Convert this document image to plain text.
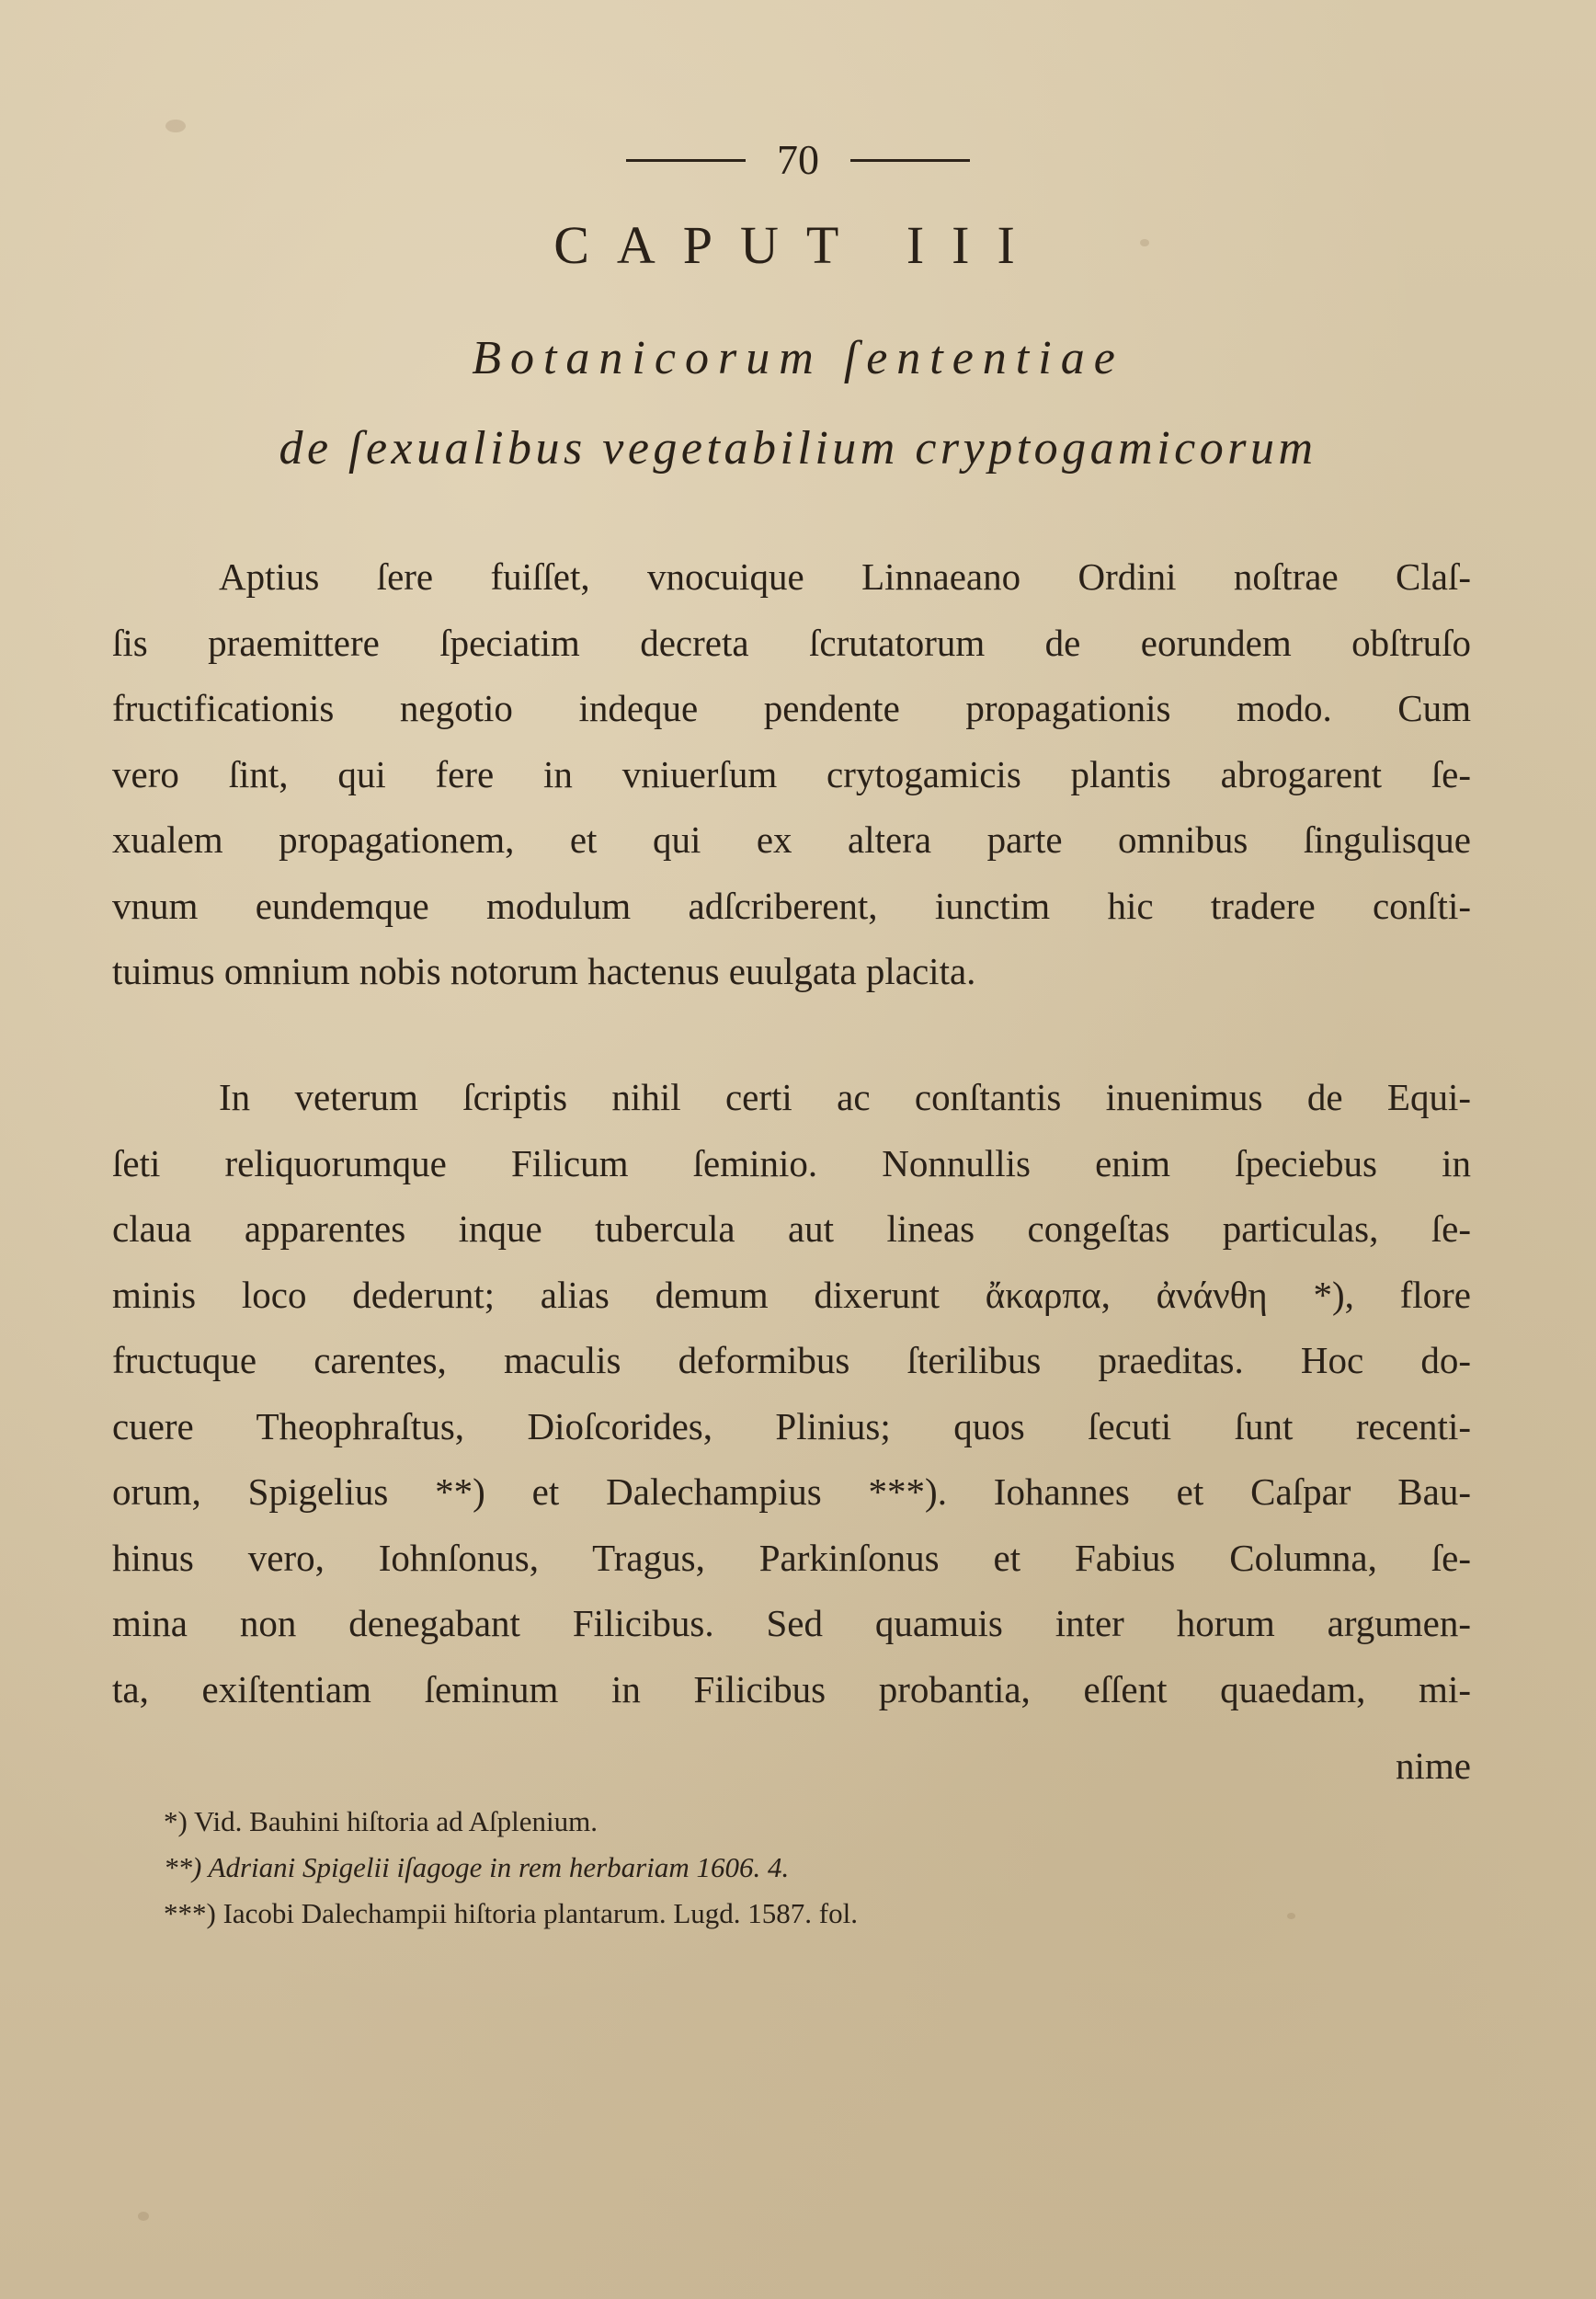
70
CAPUT III
Botanicorum ſententiae
de ſexualibus vegetabilium cryptogamicorum
Aptius ſere fuiſſet, vnocuique Linnaeano Ordini noſtrae Claſ-
ſis praemittere ſpeciatim decreta ſcrutatorum de eorundem obſtruſo
fructificationis negotio indeque pendente propagationis modo. Cum
vero ſint, qui fere in vniuerſum crytogamicis plantis abrogarent ſe-
xualem propagationem, et qui ex altera parte omnibus ſingulisque
vnum eundemque modulum adſcriberent, iunctim hic tradere conſti-
tuimus omnium nobis notorum hactenus euulgata placita.
In veterum ſcriptis nihil certi ac conſtantis inuenimus de Equi-
ſeti reliquorumque Filicum ſeminio. Nonnullis enim ſpeciebus in
claua apparentes inque tubercula aut lineas congeſtas particulas, ſe-
minis loco dederunt; alias demum dixerunt ἄκαρπα, ἀνάνθη *), flore
fructuque carentes, maculis deformibus ſterilibus praeditas. Hoc do-
cuere Theophraſtus, Dioſcorides, Plinius; quos ſecuti ſunt recenti-
orum, Spigelius **) et Dalechampius ***). Iohannes et Caſpar Bau-
hinus vero, Iohnſonus, Tragus, Parkinſonus et Fabius Columna, ſe-
mina non denegabant Filicibus. Sed quamuis inter horum argumen-
ta, exiſtentiam ſeminum in Filicibus probantia, eſſent quaedam, mi-
nime
*) Vid. Bauhini hiſtoria ad Aſplenium.
**) Adriani Spigelii iſagoge in rem herbariam 1606. 4.
***) Iacobi Dalechampii hiſtoria plantarum. Lugd. 1587. fol.
